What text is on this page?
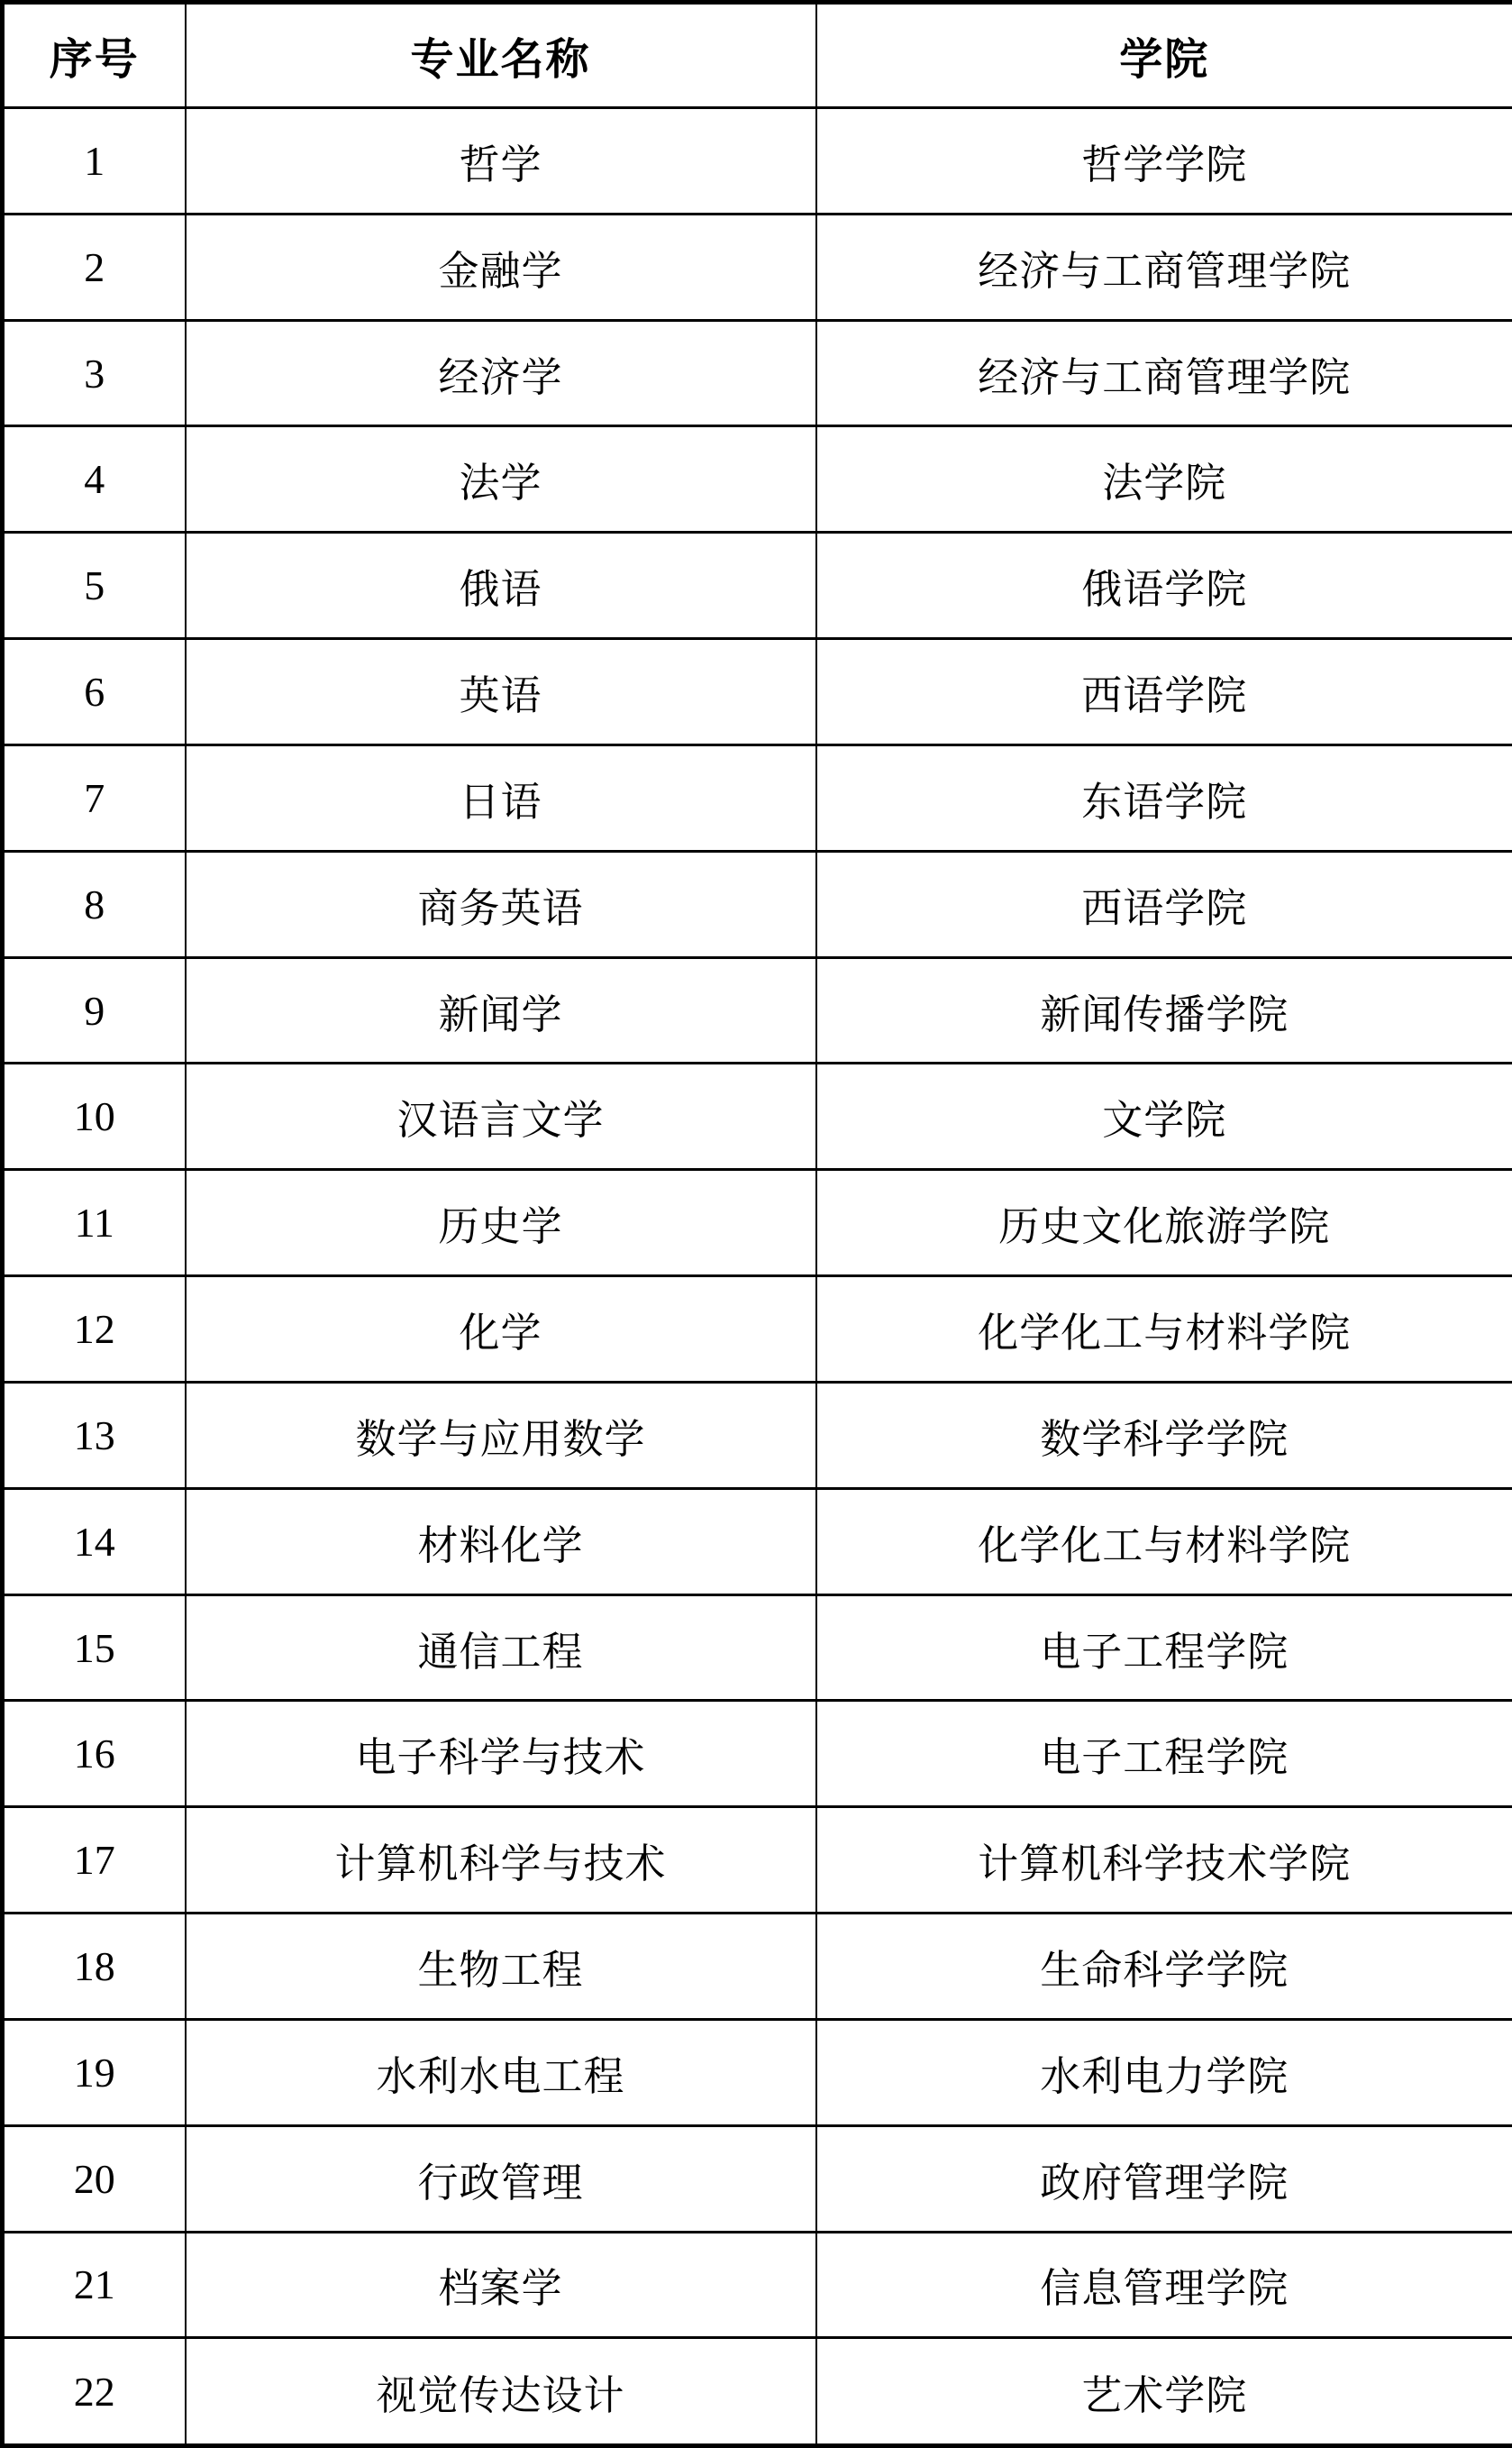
序号	专业名称	学院
1	哲学	哲学学院
2	金融学	经济与工商管理学院
3	经济学	经济与工商管理学院
4	法学	法学院
5	俄语	俄语学院
6	英语	西语学院
7	日语	东语学院
8	商务英语	西语学院
9	新闻学	新闻传播学院
10	汉语言文学	文学院
11	历史学	历史文化旅游学院
12	化学	化学化工与材料学院
13	数学与应用数学	数学科学学院
14	材料化学	化学化工与材料学院
15	通信工程	电子工程学院
16	电子科学与技术	电子工程学院
17	计算机科学与技术	计算机科学技术学院
18	生物工程	生命科学学院
19	水利水电工程	水利电力学院
20	行政管理	政府管理学院
21	档案学	信息管理学院
22	视觉传达设计	艺术学院
